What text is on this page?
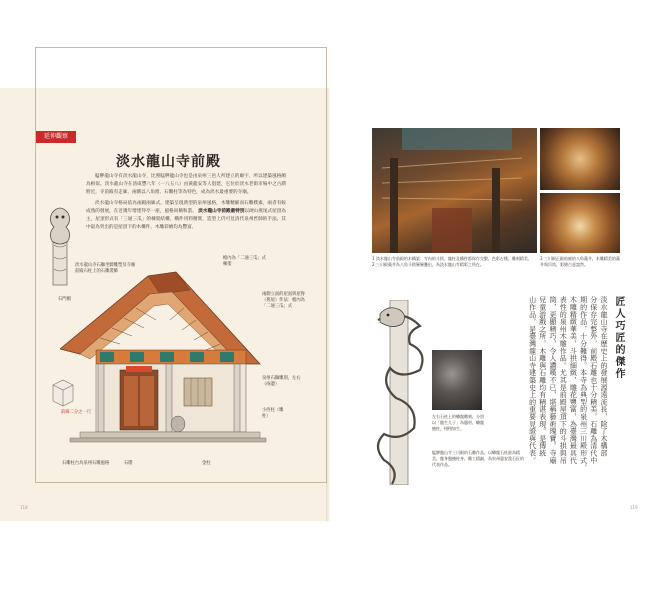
延伸觀察
淡水龍山寺前殿

艋舺龍山寺有淡水龍山寺，比照艋舺龍山寺也是由泉州三邑人所建立的廟宇，所以建築風格頗為相似。淡水龍山寺在清咸豐八年（一八五八）由黃龍安等人倡建，它位於淡水老街市場中之古蹟附近，寺前殿有走廊，兩側以八角窗、石雕柱等為特色，成為淡水最重要的寺廟。

淡水龍山寺格局依為兩殿兩廊式，建築呈現典型的泉州風格，木雕精細而石雕樸素，兩者有較成熟的發展，在近幾年增建拜亭一座，風格尚稱和諧。 淡水龍山寺前殿最特別以硬山燕尾式屋頂為主，屋頂形式有「三通三瓜」的棟架結構，構件用料精實，造型上仍可見清代泉州匠師的手法，其中最為突出的是屋頂下的木構件，木雕彩繪均為豐富。

淡水龍山寺石獅坐騎雕塑及寺廟前殿石柱上的石雕裝飾
石門楣
檐內為「二通三瓜」式棟架
兩側立面的屋面與屋脊（燕尾）作法：檐內為「二通三瓜」式
泉州石獅雕刻，左右（兩邊）
小西柱（雕柱）
前廊二分之一尺
石雕柱台為泉州石雕風格	石階	金柱
118
1 淡水龍山寺前殿的木構架：寺內的斗拱、龍柱及構件都保存完整，色彩古樸，雕刻精美。2 三川殿藻井為八角斗拱層層疊出，為淡水龍山寺精彩之所在。
3 三川殿正殿前廊的八角藻井，木雕精美的藻井與吊筒，彩繪古意盎然。
匠人巧匠的傑作
淡水龍山寺在歷史上的發展源遠流長，除了木構部
分保存完整外，前殿石雕也十分精美，石雕為清代中
期的作品，十分難得。本寺為典型的泉州三川殿形式，
木雕精緻華美，斗拱細緻，雕花豐富，為臺灣最具代
表性的泉州木雕作品。尤其是前殿屋頂下的斗拱與吊
筒，更顯精巧，令人讚嘆不已，堪稱藝術瑰寶。寺廟
兒童游戲之所，木雕與石雕均有精湛表現。是傳統
山作品，是臺灣龍山寺建築史上的重要見證與代表。
左右石柱上的蟠龍雕刻，分別以「龍生九子」為題材，蟠龍繞柱，栩栩如生。
艋舺龍山寺三川殿的石雕作品，以蟠龍石柱最為精美，龍身盤繞柱身，雕工精細，為泉州惠安派石匠的代表作品。
119
